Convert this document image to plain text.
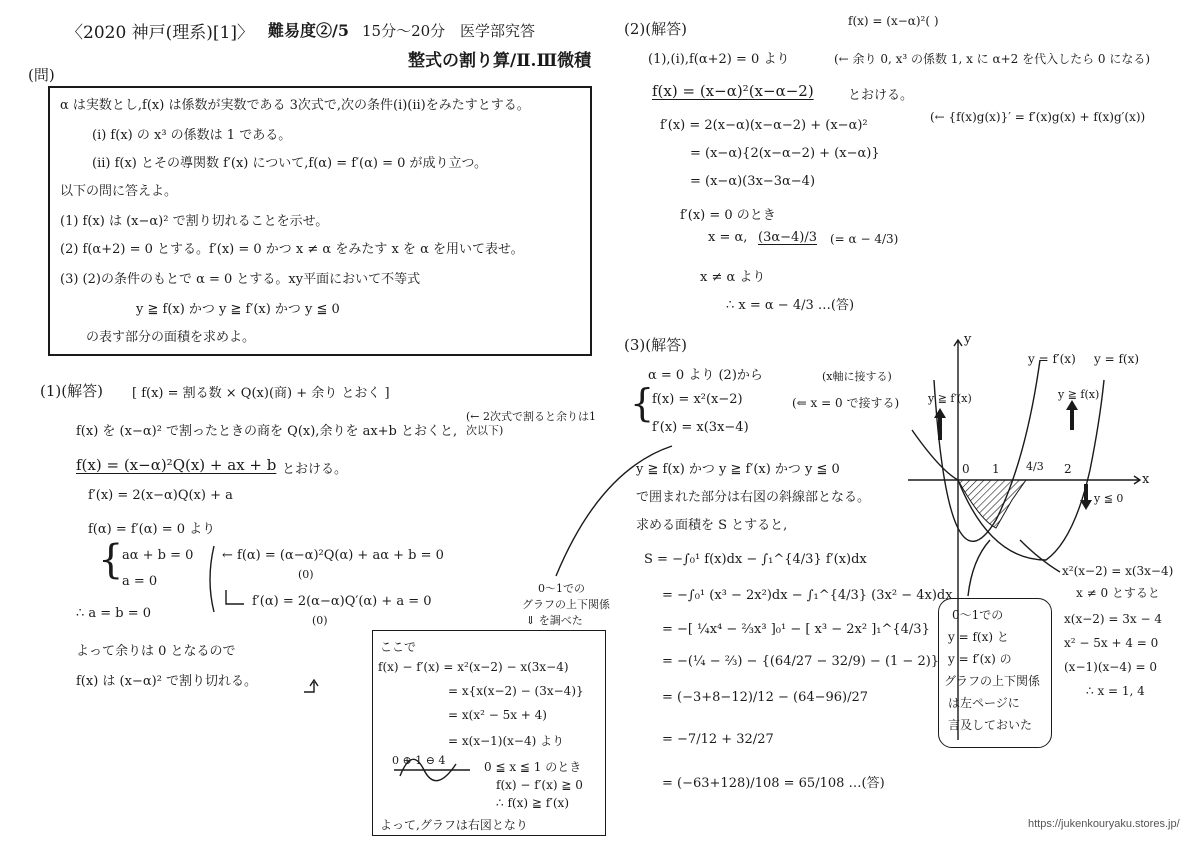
〈2020 神戸(理系)[1]〉 難易度②/5 15分〜20分 医学部究答
整式の割り算/Ⅱ.Ⅲ微積
(問)
α は実数とし,f(x) は係数が実数である 3次式で,次の条件(i)(ii)をみたすとする。
(i) f(x) の x³ の係数は 1 である。
(ii) f(x) とその導関数 f′(x) について,f(α) = f′(α) = 0 が成り立つ。
以下の問に答えよ。
(1) f(x) は (x−α)² で割り切れることを示せ。
(2) f(α+2) = 0 とする。f′(x) = 0 かつ x ≠ α をみたす x を α を用いて表せ。
(3) (2)の条件のもとで α = 0 とする。xy平面において不等式
y ≧ f(x) かつ y ≧ f′(x) かつ y ≦ 0
の表す部分の面積を求めよ。
(1)(解答) [ f(x) = 割る数 × Q(x)(商) + 余り とおく ]
f(x) を (x−α)² で割ったときの商を Q(x),余りを ax+b とおくと,
(← 2次式で割ると余りは1次以下)
f(x) = (x−α)²Q(x) + ax + b とおける。
f′(x) = 2(x−α)Q(x) + a
f(α) = f′(α) = 0 より
{
aα + b = 0
a = 0
← f(α) = (α−α)²Q(α) + aα + b = 0
(0)
f′(α) = 2(α−α)Q′(α) + a = 0
(0)
∴ a = b = 0
よって余りは 0 となるので
f(x) は (x−α)² で割り切れる。
ここで
f(x) − f′(x) = x²(x−2) − x(3x−4)
= x{x(x−2) − (3x−4)}
= x(x² − 5x + 4)
= x(x−1)(x−4) より
0 ⊕ 1 ⊖ 4	0 ≦ x ≦ 1 のとき
f(x) − f′(x) ≧ 0
∴ f(x) ≧ f′(x)
よって,グラフは右図となり
0〜1での
グラフの上下関係
⇓ を調べた
f(x) = (x−α)²( )
(2)(解答)
(1),(i),f(α+2) = 0 より	(← 余り 0, x³ の係数 1, x に α+2 を代入したら 0 になる)
f(x) = (x−α)²(x−α−2)	とおける。
f′(x) = 2(x−α)(x−α−2) + (x−α)²
(← {f(x)g(x)}′ = f′(x)g(x) + f(x)g′(x))
= (x−α){2(x−α−2) + (x−α)}
= (x−α)(3x−3α−4)
f′(x) = 0 のとき
x = α, (3α−4)/3 (= α − 4/3)
x ≠ α より
∴ x = α − 4/3 …(答)
(3)(解答)
α = 0 より (2)から	(x軸に接する)
{
f(x) = x²(x−2)	(⇐ x = 0 で接する)
f′(x) = x(3x−4)
y ≧ f(x) かつ y ≧ f′(x) かつ y ≦ 0
で囲まれた部分は右図の斜線部となる。
求める面積を S とすると,
S = −∫₀¹ f(x)dx − ∫₁^{4/3} f′(x)dx
= −∫₀¹ (x³ − 2x²)dx − ∫₁^{4/3} (3x² − 4x)dx
= −[ ¼x⁴ − ⅔x³ ]₀¹ − [ x³ − 2x² ]₁^{4/3}
= −(¼ − ⅔) − {(64/27 − 32/9) − (1 − 2)}
= (−3+8−12)/12 − (64−96)/27
= −7/12 + 32/27
= (−63+128)/108 = 65/108 …(答)
y
x
y = f′(x) y = f(x)
y ≧ f′(x)	y ≧ f(x)
y ≦ 0
0 1 4/3 2
x²(x−2) = x(3x−4)
x ≠ 0 とすると
x(x−2) = 3x − 4
x² − 5x + 4 = 0
(x−1)(x−4) = 0
∴ x = 1, 4
0〜1での
y = f(x) と
y = f′(x) の
グラフの上下関係
は左ページに
言及しておいた
https://jukenkouryaku.stores.jp/
